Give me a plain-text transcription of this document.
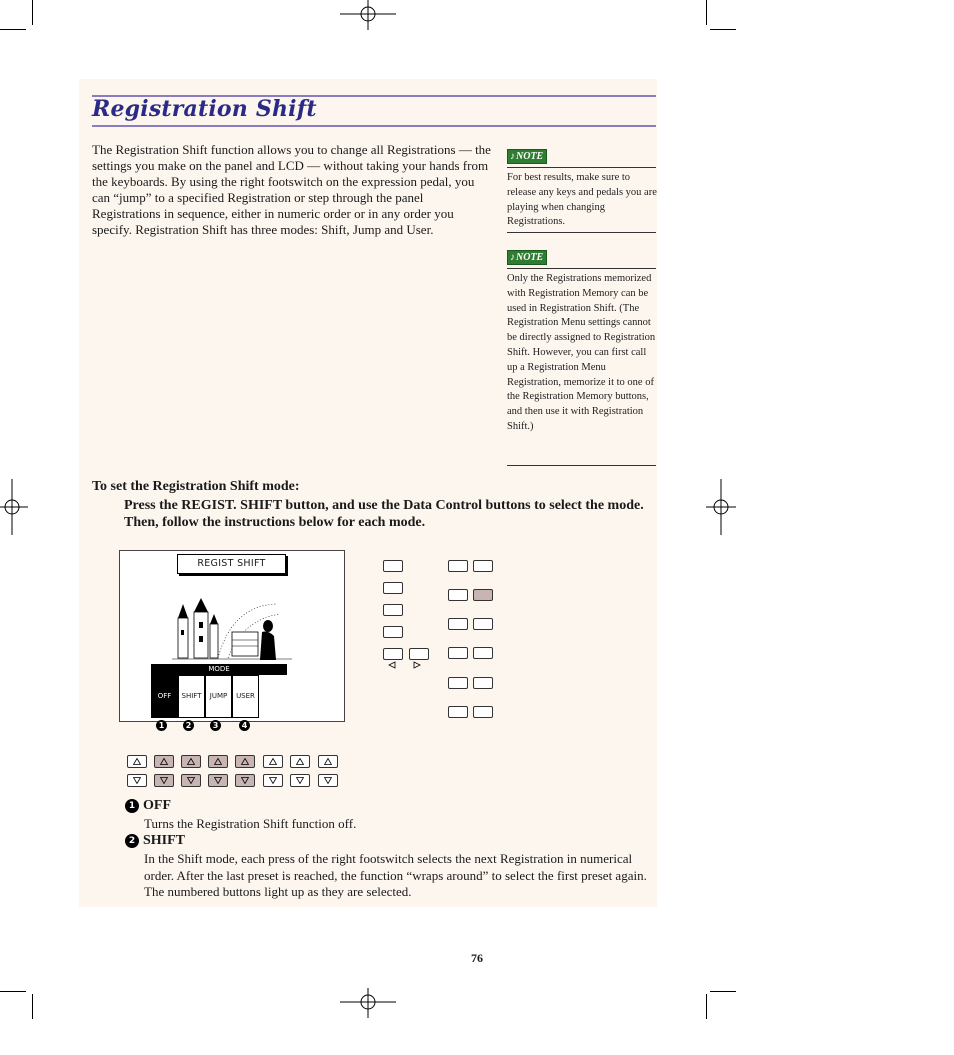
Registration Shift
The Registration Shift function allows you to change all Registrations — the settings you make on the panel and LCD — without taking your hands from the keyboards. By using the right footswitch on the expression pedal, you can “jump” to a specified Registration or step through the panel Registrations in sequence, either in numeric order or in any order you specify. Registration Shift has three modes: Shift, Jump and User.
♪NOTE
For best results, make sure to release any keys and pedals you are playing when changing Registrations.
♪NOTE
Only the Registrations memorized with Registration Memory can be used in Registration Shift. (The Registration Menu settings cannot be directly assigned to Registration Shift. However, you can first call up a Registration Menu Registration, memorize it to one of the Registration Memory buttons, and then use it with Registration Shift.)
To set the Registration Shift mode:
Press the REGIST. SHIFT button, and use the Data Control buttons to select the mode. Then, follow the instructions below for each mode.
REGIST SHIFT
MODE
OFF	SHIFT	JUMP	USER
1	2	3	4
1 OFF
Turns the Registration Shift function off.
2 SHIFT
In the Shift mode, each press of the right footswitch selects the next Registration in numerical order. After the last preset is reached, the function “wraps around” to select the first preset again. The numbered buttons light up as they are selected.
76
